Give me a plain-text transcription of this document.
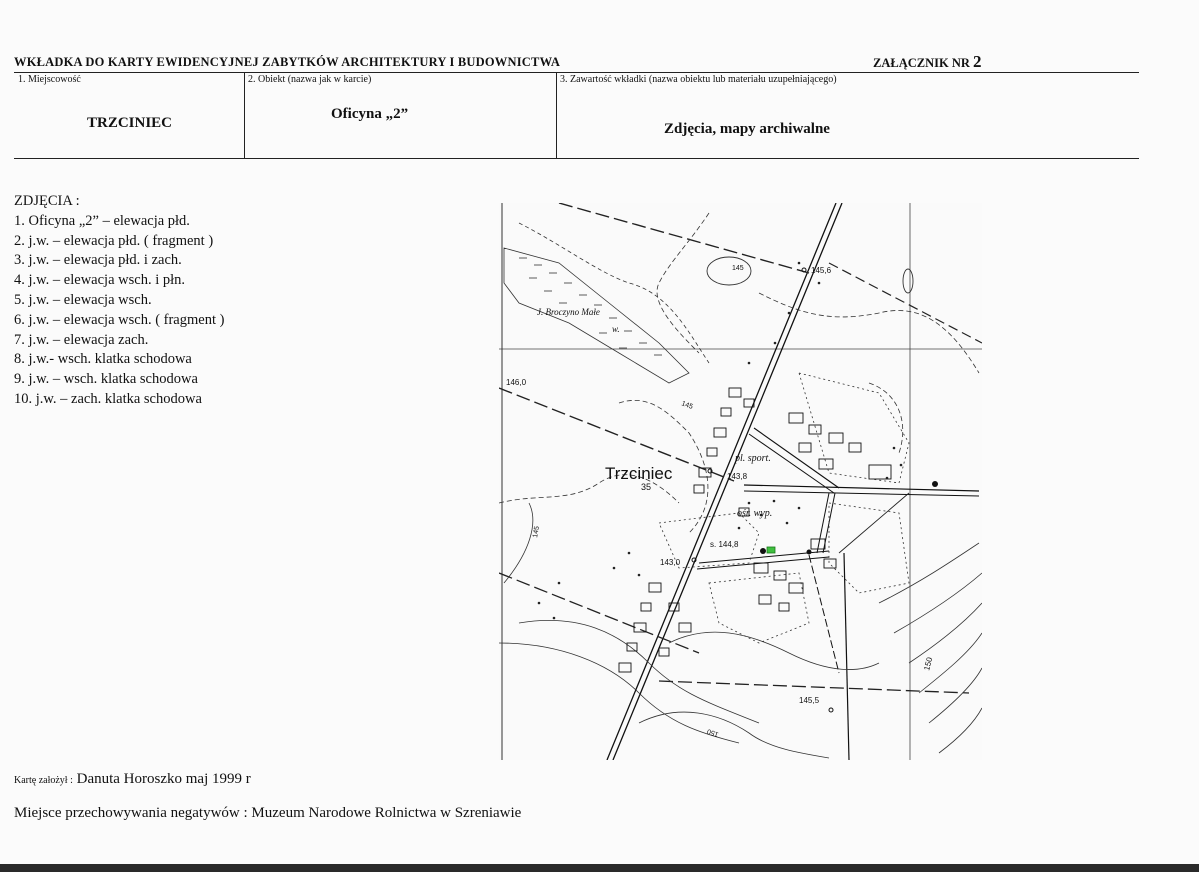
WKŁADKA DO KARTY EWIDENCYJNEJ ZABYTKÓW ARCHITEKTURY I BUDOWNICTWA	ZAŁĄCZNIK NR 2
1. Miejscowość
TRZCINIEC
2. Obiekt (nazwa jak w karcie)
Oficyna „2”
3. Zawartość wkładki (nazwa obiektu lub materiału uzupełniającego)
Zdjęcia, mapy archiwalne
ZDJĘCIA :
1. Oficyna „2” – elewacja płd.
2. j.w. – elewacja płd. ( fragment )
3. j.w. – elewacja płd. i zach.
4. j.w. – elewacja wsch. i płn.
5. j.w. – elewacja wsch.
6. j.w. – elewacja wsch. ( fragment )
7. j.w. – elewacja zach.
8. j.w.- wsch. klatka schodowa
9. j.w. – wsch. klatka schodowa
10. j.w. – zach. klatka schodowa
145	145,6
146,0
145
J. Broczyno Małe
w.
Trzciniec
35
pl. sport.
143,8
ośr. wyp.
s. 144,8
143,0
145,5
145
150
150
Kartę założył : Danuta Horoszko maj 1999 r
Miejsce przechowywania negatywów : Muzeum Narodowe Rolnictwa w Szreniawie
